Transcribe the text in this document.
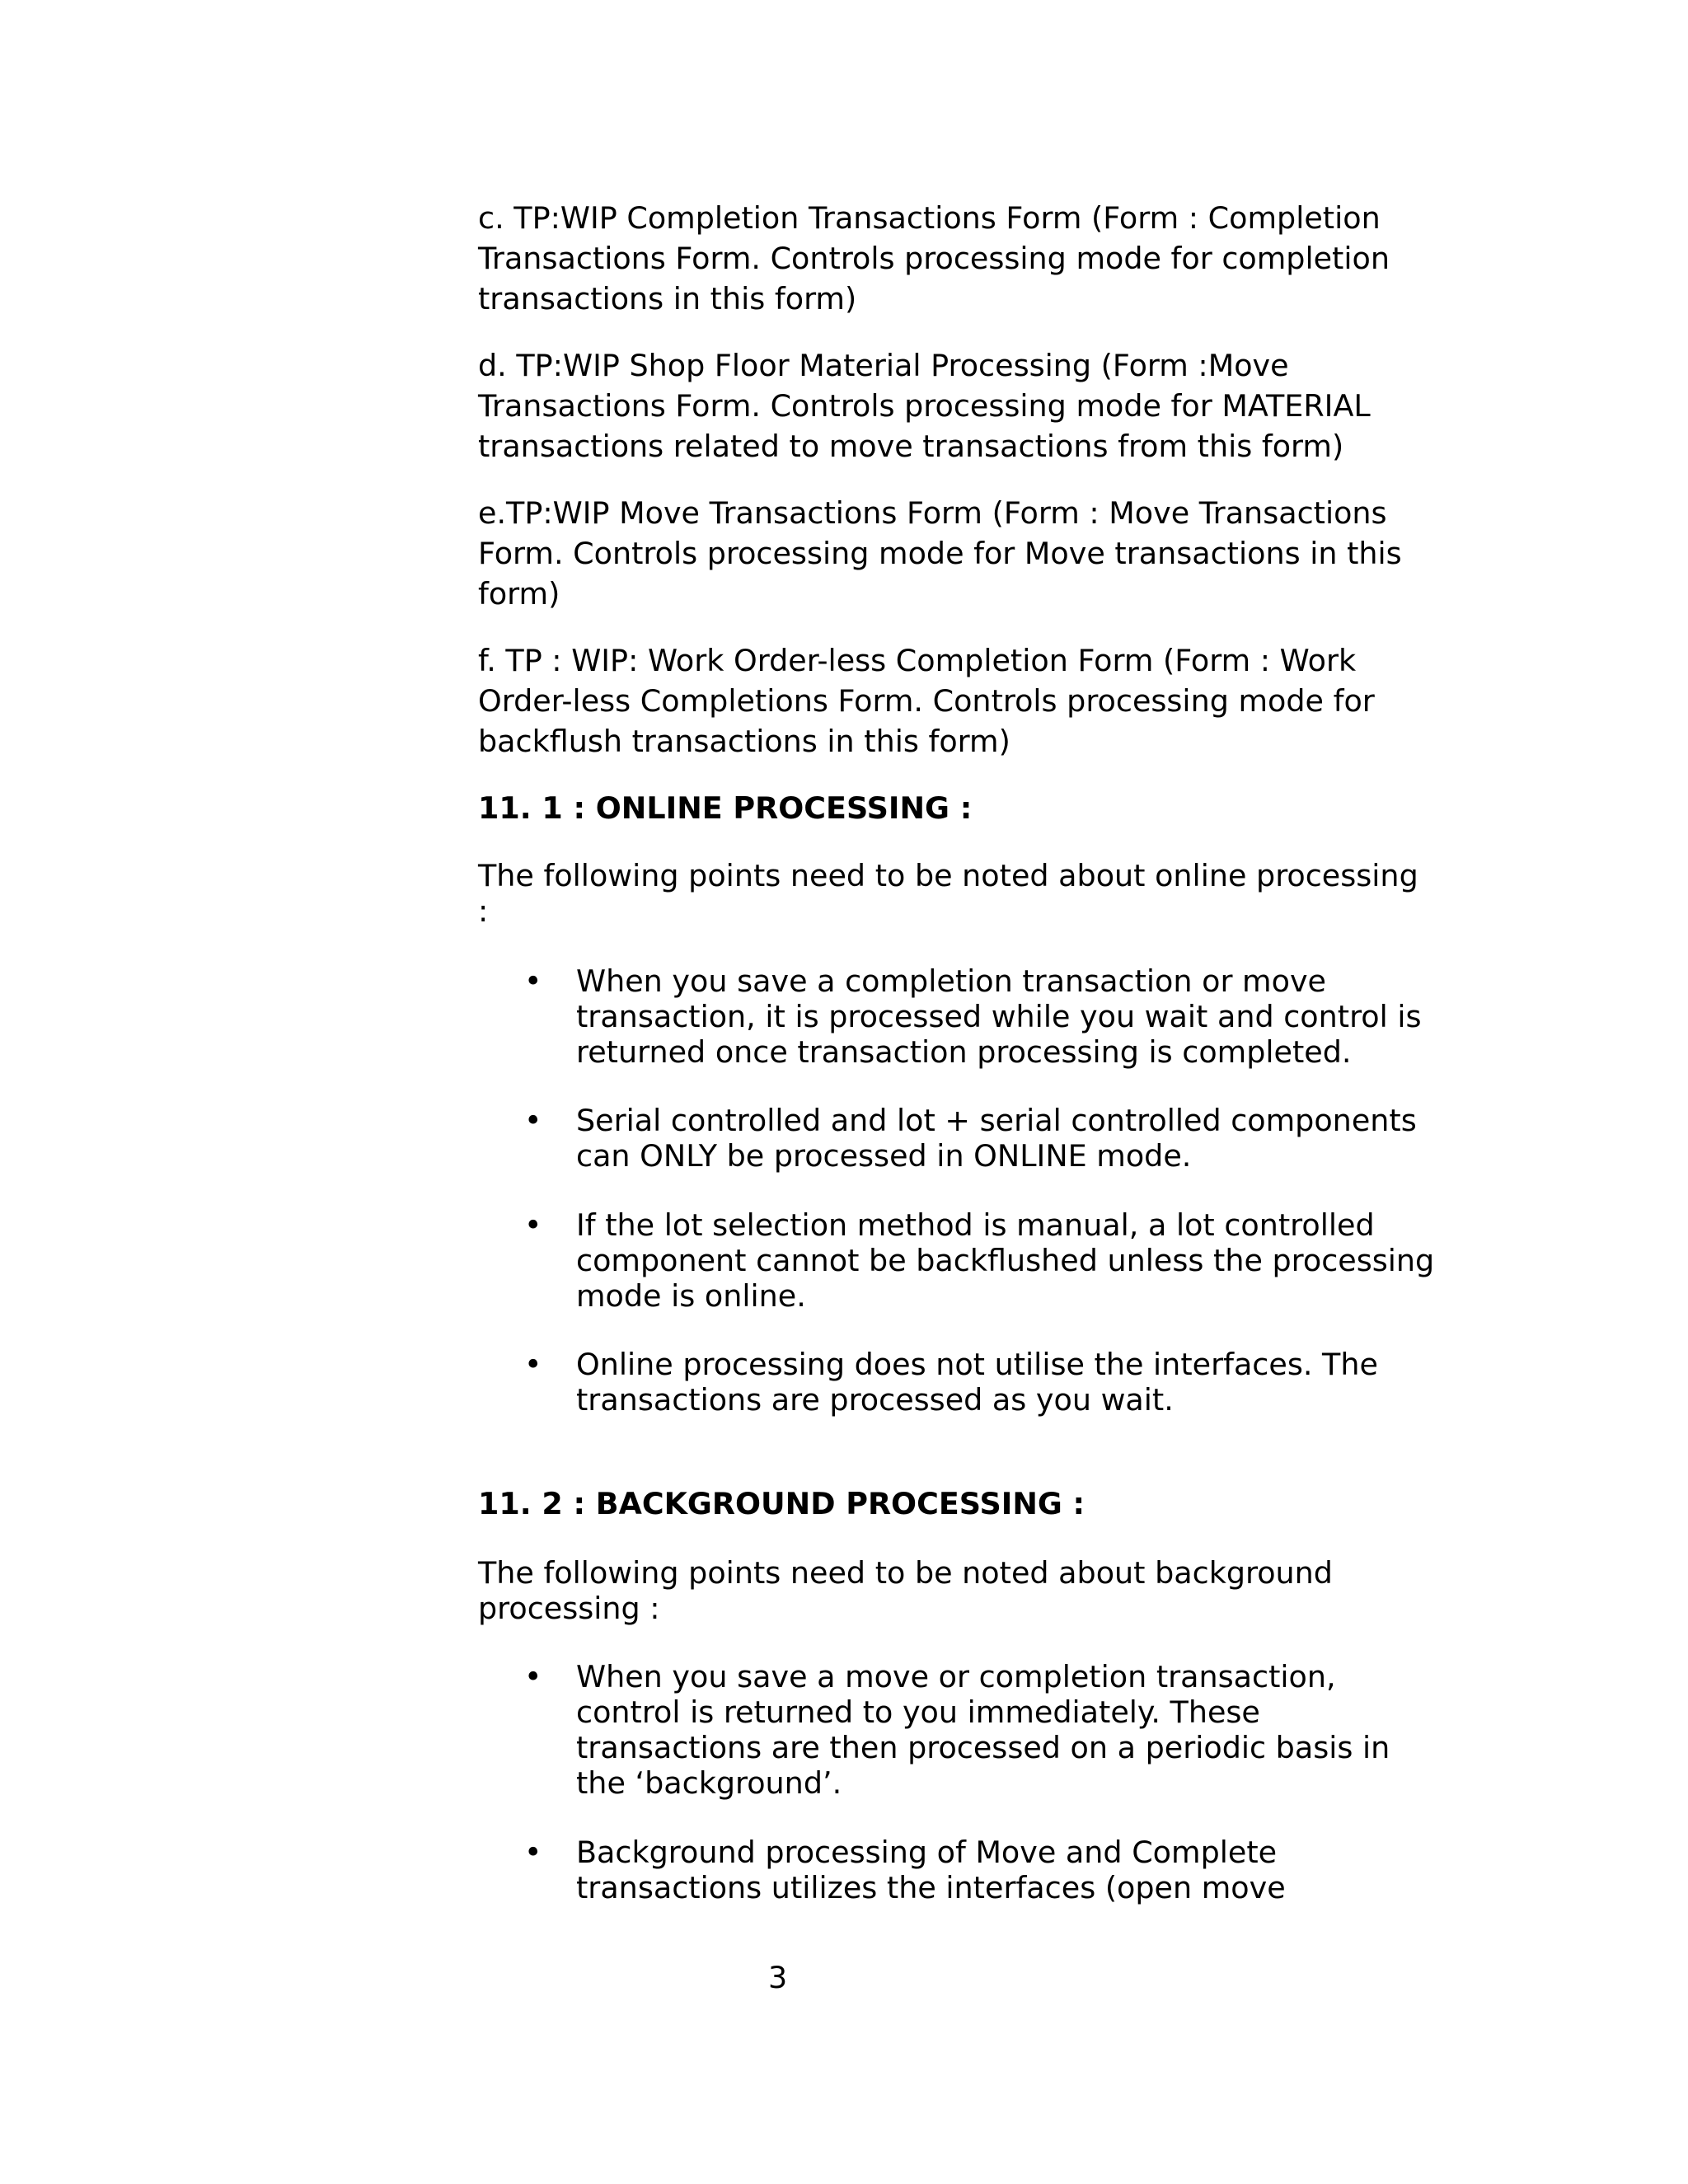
c. TP:WIP Completion Transactions Form (Form : Completion
Transactions Form. Controls processing mode for completion
transactions in this form)

d. TP:WIP Shop Floor Material Processing (Form :Move
Transactions Form. Controls processing mode for MATERIAL
transactions related to move transactions from this form)

e.TP:WIP Move Transactions Form (Form : Move Transactions
Form. Controls processing mode for Move transactions in this
form)

f. TP : WIP: Work Order-less Completion Form (Form : Work
Order-less Completions Form. Controls processing mode for
backflush transactions in this form)

11. 1 : ONLINE PROCESSING :

The following points need to be noted about online processing
:

• When you save a completion transaction or move
transaction, it is processed while you wait and control is
returned once transaction processing is completed.

• Serial controlled and lot + serial controlled components
can ONLY be processed in ONLINE mode.

• If the lot selection method is manual, a lot controlled
component cannot be backflushed unless the processing
mode is online.

• Online processing does not utilise the interfaces. The
transactions are processed as you wait.

11. 2 : BACKGROUND PROCESSING :

The following points need to be noted about background
processing :

• When you save a move or completion transaction,
control is returned to you immediately. These
transactions are then processed on a periodic basis in
the ‘background’.

• Background processing of Move and Complete
transactions utilizes the interfaces (open move

3
